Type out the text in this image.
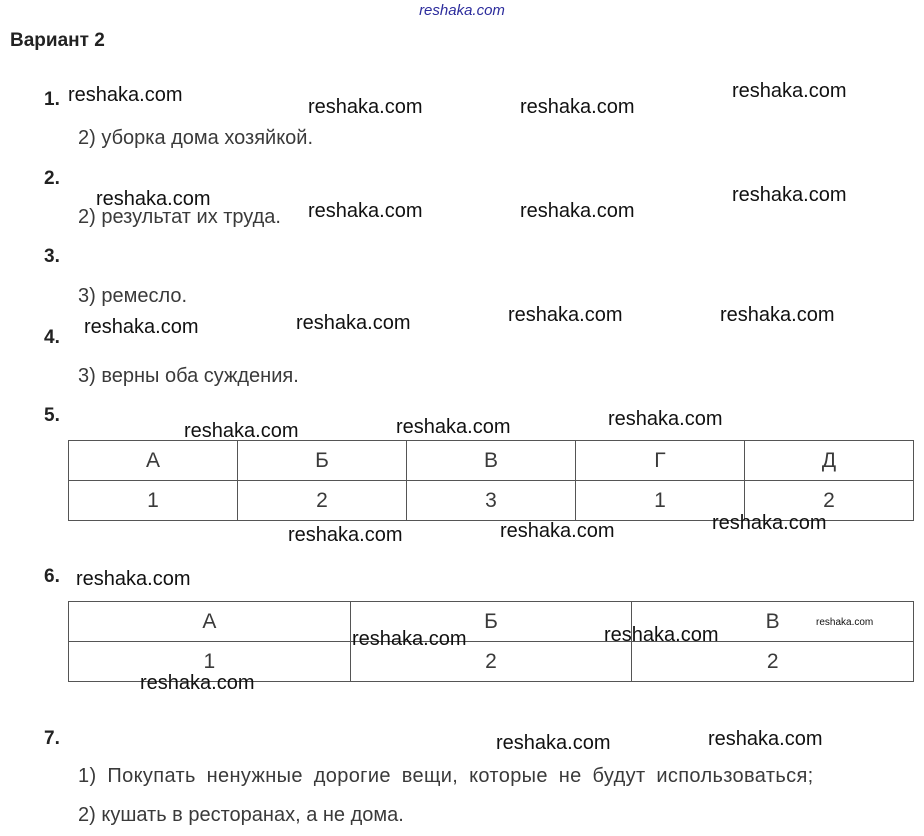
reshaka.com
Вариант 2
1.
2) уборка дома хозяйкой.
2.
2) результат их труда.
3.
3) ремесло.
4.
3) верны оба суждения.
5.
А	Б	В	Г	Д
1	2	3	1	2
6.
А	Б	В
1	2	2
7.
1) Покупать ненужные дорогие вещи, которые не будут использоваться;
2) кушать в ресторанах, а не дома.
reshaka.com
reshaka.com	reshaka.com
reshaka.com
reshaka.com
reshaka.com	reshaka.com
reshaka.com
reshaka.com	reshaka.com	reshaka.com	reshaka.com
reshaka.com	reshaka.com	reshaka.com
reshaka.com	reshaka.com	reshaka.com
reshaka.com
reshaka.com	reshaka.com
reshaka.com
reshaka.com
reshaka.com	reshaka.com
